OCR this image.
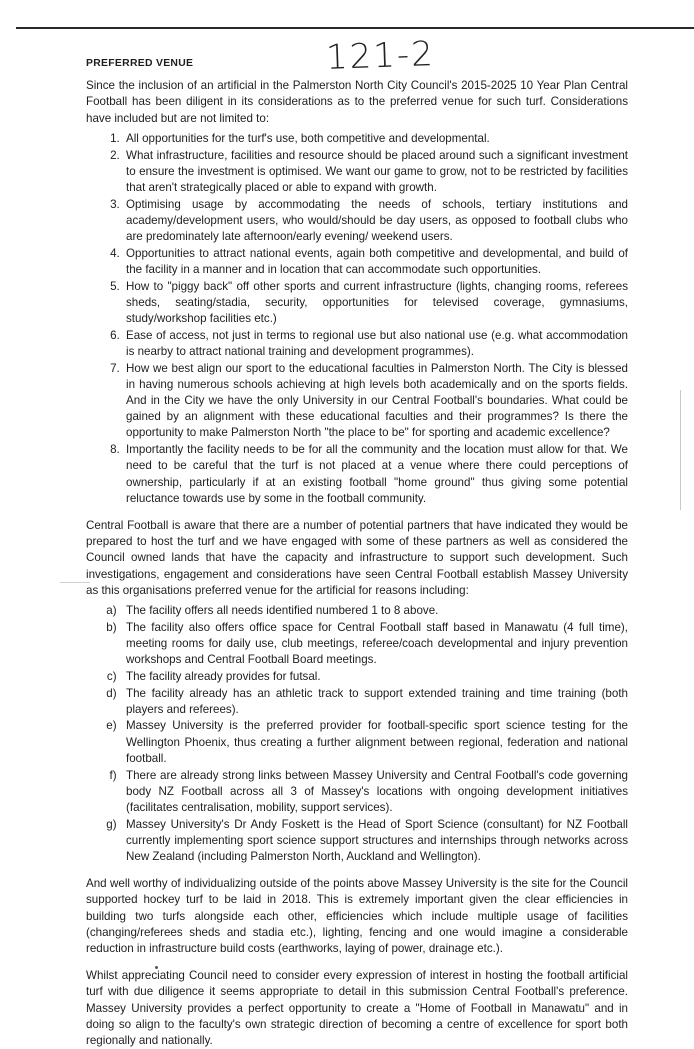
121-2
PREFERRED VENUE

Since the inclusion of an artificial in the Palmerston North City Council's 2015-2025 10 Year Plan Central Football has been diligent in its considerations as to the preferred venue for such turf. Considerations have included but are not limited to:

1. All opportunities for the turf's use, both competitive and developmental.
2. What infrastructure, facilities and resource should be placed around such a significant investment to ensure the investment is optimised. We want our game to grow, not to be restricted by facilities that aren't strategically placed or able to expand with growth.
3. Optimising usage by accommodating the needs of schools, tertiary institutions and academy/development users, who would/should be day users, as opposed to football clubs who are predominately late afternoon/early evening/ weekend users.
4. Opportunities to attract national events, again both competitive and developmental, and build of the facility in a manner and in location that can accommodate such opportunities.
5. How to "piggy back" off other sports and current infrastructure (lights, changing rooms, referees sheds, seating/stadia, security, opportunities for televised coverage, gymnasiums, study/workshop facilities etc.)
6. Ease of access, not just in terms to regional use but also national use (e.g. what accommodation is nearby to attract national training and development programmes).
7. How we best align our sport to the educational faculties in Palmerston North. The City is blessed in having numerous schools achieving at high levels both academically and on the sports fields. And in the City we have the only University in our Central Football's boundaries. What could be gained by an alignment with these educational faculties and their programmes? Is there the opportunity to make Palmerston North "the place to be" for sporting and academic excellence?
8. Importantly the facility needs to be for all the community and the location must allow for that. We need to be careful that the turf is not placed at a venue where there could perceptions of ownership, particularly if at an existing football "home ground" thus giving some potential reluctance towards use by some in the football community.

Central Football is aware that there are a number of potential partners that have indicated they would be prepared to host the turf and we have engaged with some of these partners as well as considered the Council owned lands that have the capacity and infrastructure to support such development. Such investigations, engagement and considerations have seen Central Football establish Massey University as this organisations preferred venue for the artificial for reasons including:

a. The facility offers all needs identified numbered 1 to 8 above.
b. The facility also offers office space for Central Football staff based in Manawatu (4 full time), meeting rooms for daily use, club meetings, referee/coach developmental and injury prevention workshops and Central Football Board meetings.
c. The facility already provides for futsal.
d. The facility already has an athletic track to support extended training and time training (both players and referees).
e. Massey University is the preferred provider for football-specific sport science testing for the Wellington Phoenix, thus creating a further alignment between regional, federation and national football.
f. There are already strong links between Massey University and Central Football's code governing body NZ Football across all 3 of Massey's locations with ongoing development initiatives (facilitates centralisation, mobility, support services).
g. Massey University's Dr Andy Foskett is the Head of Sport Science (consultant) for NZ Football currently implementing sport science support structures and internships through networks across New Zealand (including Palmerston North, Auckland and Wellington).

And well worthy of individualizing outside of the points above Massey University is the site for the Council supported hockey turf to be laid in 2018. This is extremely important given the clear efficiencies in building two turfs alongside each other, efficiencies which include multiple usage of facilities (changing/referees sheds and stadia etc.), lighting, fencing and one would imagine a considerable reduction in infrastructure build costs (earthworks, laying of power, drainage etc.).

Whilst appreciating Council need to consider every expression of interest in hosting the football artificial turf with due diligence it seems appropriate to detail in this submission Central Football's preference. Massey University provides a perfect opportunity to create a "Home of Football in Manawatu" and in doing so align to the faculty's own strategic direction of becoming a centre of excellence for sport both regionally and nationally.
